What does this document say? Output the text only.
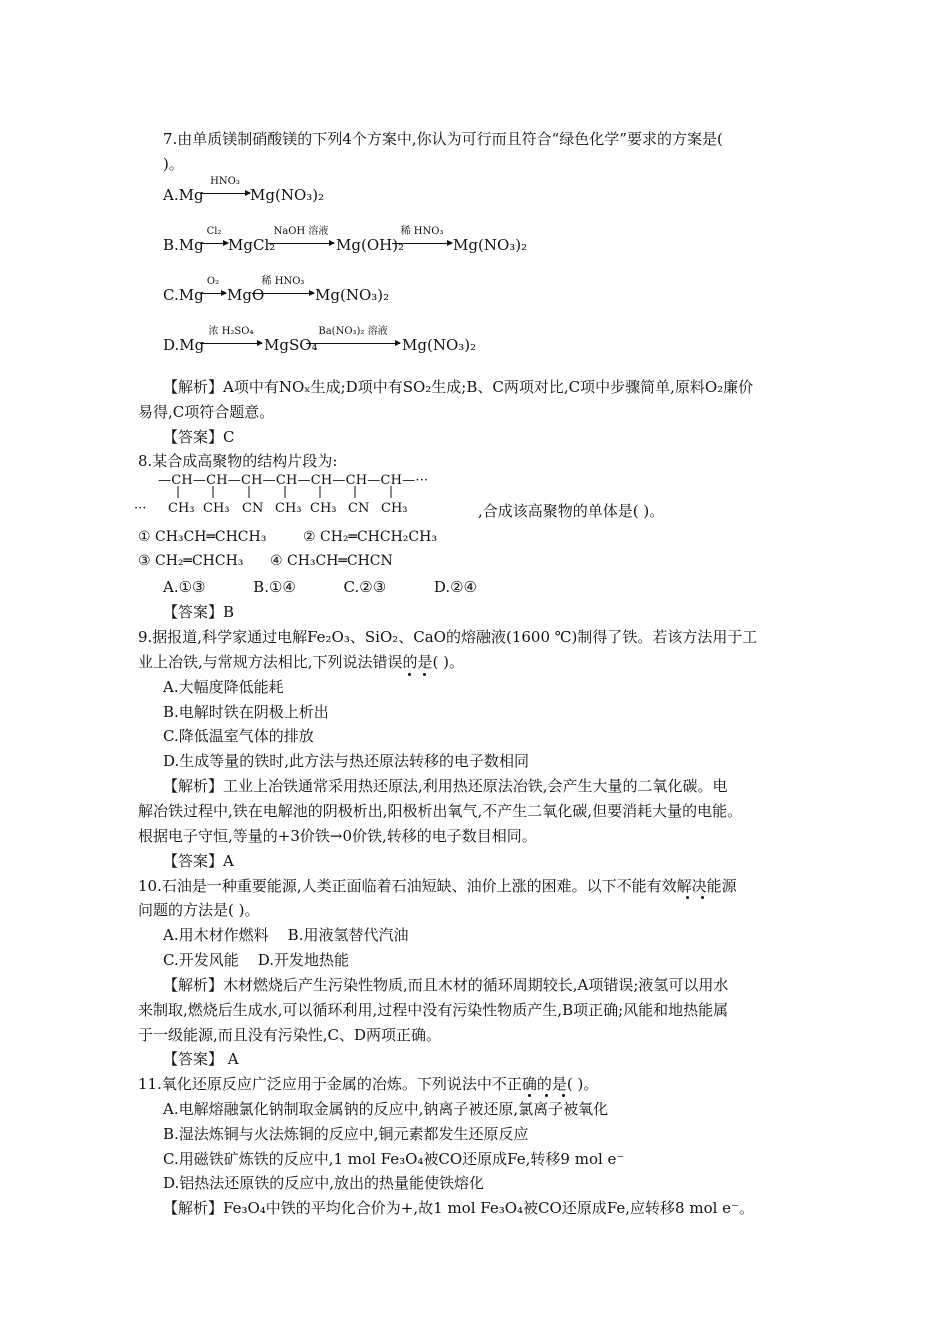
7.由单质镁制硝酸镁的下列4个方案中,你认为可行而且符合“绿色化学”要求的方案是(
)。
A.Mg
HNO₃
→ Mg(NO₃)₂
B.Mg
Cl₂
→ MgCl₂
NaOH 溶液
Mg(OH)₂
稀 HNO₃
→ Mg(NO₃)₂
C.Mg
O₂
→ MgO
稀 HNO₃
→ Mg(NO₃)₂
D.Mg
浓 H₂SO₄
→ MgSO₄
Ba(NO₃)₂ 溶液
Mg(NO₃)₂
【解析】A项中有NOₓ生成;D项中有SO₂生成;B、C两项对比,C项中步骤简单,原料O₂廉价
易得,C项符合题意。
【答案】C
8.某合成高聚物的结构片段为:
—CH—CH—CH—CH—CH—CH—CH—···
CH₃ CH₃ CN CH₃ CH₃ CN CH₃
···	,合成该高聚物的单体是( )。
① CH₃CH═CHCH₃	② CH₂═CHCH₂CH₃
③ CH₂═CHCH₃ ④ CH₃CH═CHCN
A.①③          B.①④          C.②③          D.②④
【答案】B
9.据报道,科学家通过电解Fe₂O₃、SiO₂、CaO的熔融液(1600 ℃)制得了铁。若该方法用于工
业上冶铁,与常规方法相比,下列说法错误的是( )。
A.大幅度降低能耗
B.电解时铁在阴极上析出
C.降低温室气体的排放
D.生成等量的铁时,此方法与热还原法转移的电子数相同
【解析】工业上冶铁通常采用热还原法,利用热还原法冶铁,会产生大量的二氧化碳。电
解冶铁过程中,铁在电解池的阴极析出,阳极析出氧气,不产生二氧化碳,但要消耗大量的电能。
根据电子守恒,等量的+3价铁→0价铁,转移的电子数目相同。
【答案】A
10.石油是一种重要能源,人类正面临着石油短缺、油价上涨的困难。以下不能有效解决能源
问题的方法是( )。
A.用木材作燃料    B.用液氢替代汽油
C.开发风能    D.开发地热能
【解析】木材燃烧后产生污染性物质,而且木材的循环周期较长,A项错误;液氢可以用水
来制取,燃烧后生成水,可以循环利用,过程中没有污染性物质产生,B项正确;风能和地热能属
于一级能源,而且没有污染性,C、D两项正确。
【答案】 A
11.氧化还原反应广泛应用于金属的冶炼。下列说法中不正确的是( )。
A.电解熔融氯化钠制取金属钠的反应中,钠离子被还原,氯离子被氧化
B.湿法炼铜与火法炼铜的反应中,铜元素都发生还原反应
C.用磁铁矿炼铁的反应中,1 mol Fe₃O₄被CO还原成Fe,转移9 mol e⁻
D.铝热法还原铁的反应中,放出的热量能使铁熔化
【解析】Fe₃O₄中铁的平均化合价为+,故1 mol Fe₃O₄被CO还原成Fe,应转移8 mol e⁻。
